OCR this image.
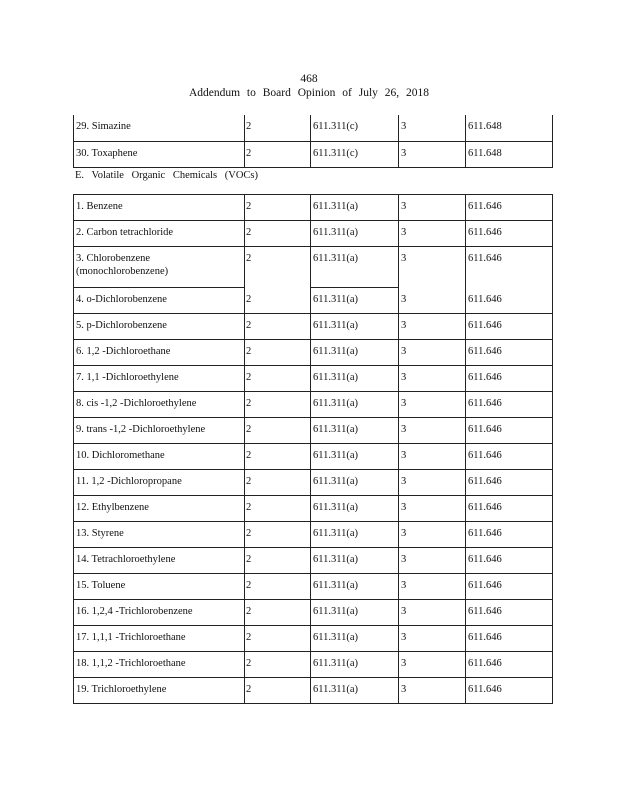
468
Addendum to Board Opinion of July 26, 2018
29. Simazine	2	611.311(c)	3	611.648
30. Toxaphene	2	611.311(c)	3	611.648
E. Volatile Organic Chemicals (VOCs)
1. Benzene	2	611.311(a)	3	611.646
2. Carbon tetrachloride	2	611.311(a)	3	611.646
3. Chlorobenzene (monochlorobenzene)	2	611.311(a)	3	611.646
4. o-Dichlorobenzene	2	611.311(a)	3	611.646
5. p-Dichlorobenzene	2	611.311(a)	3	611.646
6. 1,2 -Dichloroethane	2	611.311(a)	3	611.646
7. 1,1 -Dichloroethylene	2	611.311(a)	3	611.646
8. cis -1,2 -Dichloroethylene	2	611.311(a)	3	611.646
9. trans -1,2 -Dichloroethylene	2	611.311(a)	3	611.646
10. Dichloromethane	2	611.311(a)	3	611.646
11. 1,2 -Dichloropropane	2	611.311(a)	3	611.646
12. Ethylbenzene	2	611.311(a)	3	611.646
13. Styrene	2	611.311(a)	3	611.646
14. Tetrachloroethylene	2	611.311(a)	3	611.646
15. Toluene	2	611.311(a)	3	611.646
16. 1,2,4 -Trichlorobenzene	2	611.311(a)	3	611.646
17. 1,1,1 -Trichloroethane	2	611.311(a)	3	611.646
18. 1,1,2 -Trichloroethane	2	611.311(a)	3	611.646
19. Trichloroethylene	2	611.311(a)	3	611.646
